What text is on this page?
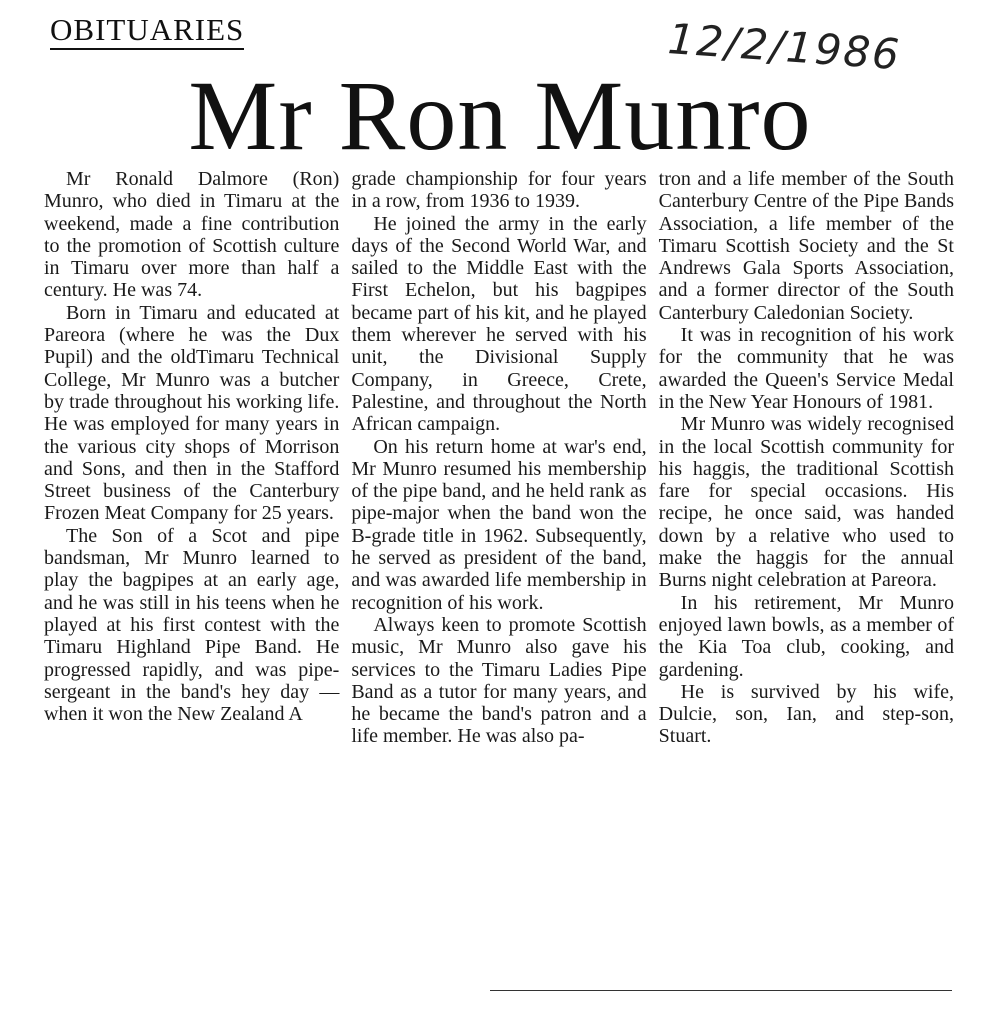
OBITUARIES	12/2/1986
Mr Ron Munro

Mr Ronald Dalmore (Ron) Munro, who died in Timaru at the weekend, made a fine contribution to the promotion of Scottish culture in Timaru over more than half a century. He was 74.

Born in Timaru and educated at Pareora (where he was the Dux Pupil) and the oldTimaru Technical College, Mr Munro was a butcher by trade throughout his working life. He was employed for many years in the various city shops of Morrison and Sons, and then in the Stafford Street business of the Canterbury Frozen Meat Company for 25 years.

The Son of a Scot and pipe bandsman, Mr Munro learned to play the bagpipes at an early age, and he was still in his teens when he played at his first contest with the Timaru Highland Pipe Band. He progressed rapidly, and was pipe-sergeant in the band's hey day — when it won the New Zealand A

grade championship for four years in a row, from 1936 to 1939.

He joined the army in the early days of the Second World War, and sailed to the Middle East with the First Echelon, but his bagpipes became part of his kit, and he played them wherever he served with his unit, the Divisional Supply Company, in Greece, Crete, Palestine, and throughout the North African campaign.

On his return home at war's end, Mr Munro resumed his membership of the pipe band, and he held rank as pipe-major when the band won the B-grade title in 1962. Subsequently, he served as president of the band, and was awarded life membership in recognition of his work.

Always keen to promote Scottish music, Mr Munro also gave his services to the Timaru Ladies Pipe Band as a tutor for many years, and he became the band's patron and a life member. He was also pa-

tron and a life member of the South Canterbury Centre of the Pipe Bands Association, a life member of the Timaru Scottish Society and the St Andrews Gala Sports Association, and a former director of the South Canterbury Caledonian Society.

It was in recognition of his work for the community that he was awarded the Queen's Service Medal in the New Year Honours of 1981.

Mr Munro was widely recognised in the local Scottish community for his haggis, the traditional Scottish fare for special occasions. His recipe, he once said, was handed down by a relative who used to make the haggis for the annual Burns night celebration at Pareora.

In his retirement, Mr Munro enjoyed lawn bowls, as a member of the Kia Toa club, cooking, and gardening.

He is survived by his wife, Dulcie, son, Ian, and step-son, Stuart.
